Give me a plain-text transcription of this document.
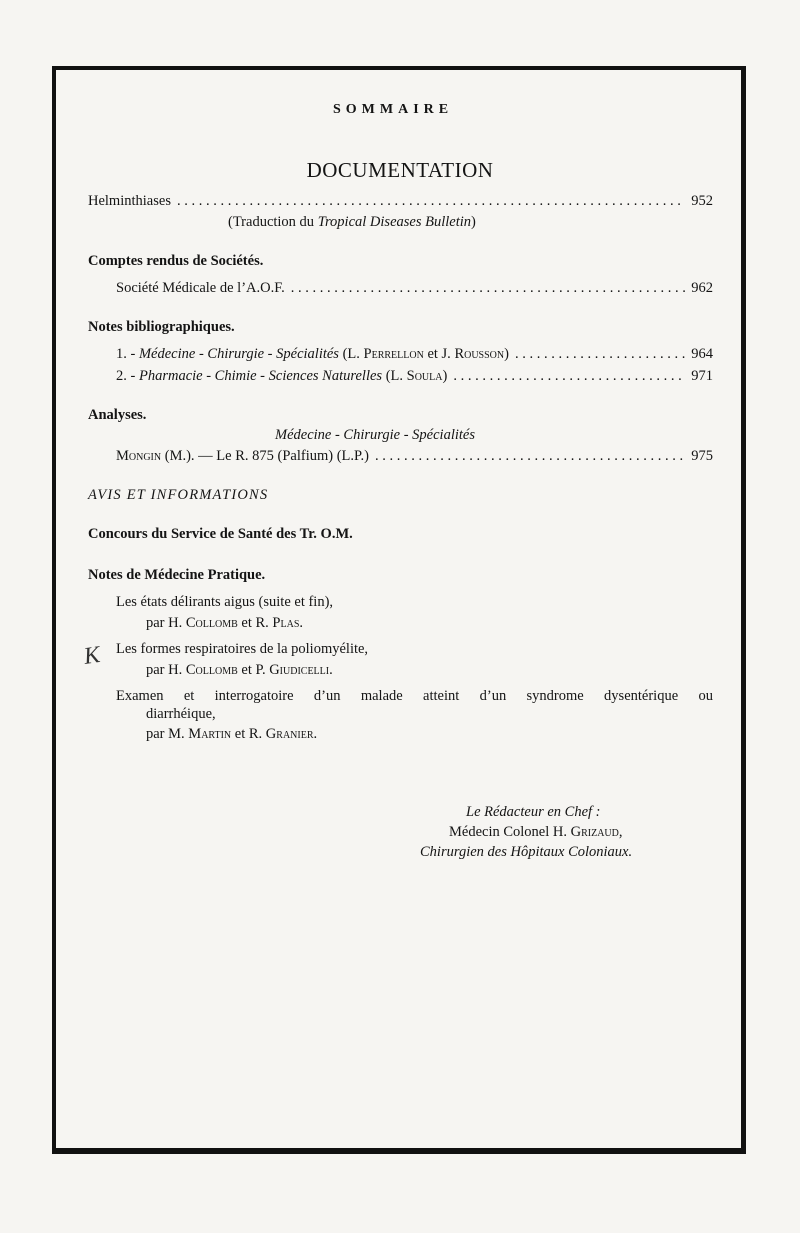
SOMMAIRE
DOCUMENTATION
Helminthiases . . .	952
(Traduction du Tropical Diseases Bulletin)
Comptes rendus de Sociétés.
Société Médicale de l’A.O.F. . . .	962
Notes bibliographiques.
1. - Médecine - Chirurgie - Spécialités (L. Perrellon et J. Rousson) . . .	964
2. - Pharmacie - Chimie - Sciences Naturelles (L. Soula) . . .	971
Analyses.
Médecine - Chirurgie - Spécialités
Mongin (M.). — Le R. 875 (Palfium) (L.P.) . . .	975
AVIS ET INFORMATIONS
Concours du Service de Santé des Tr. O.M.
Notes de Médecine Pratique.
Les états délirants aigus (suite et fin),
par H. Collomb et R. Plas.
K Les formes respiratoires de la poliomyélite,
par H. Collomb et P. Giudicelli.
Examen et interrogatoire d’un malade atteint d’un syndrome dysentérique ou
diarrhéique,
par M. Martin et R. Granier.
Le Rédacteur en Chef :
Médecin Colonel H. Grizaud,
Chirurgien des Hôpitaux Coloniaux.
